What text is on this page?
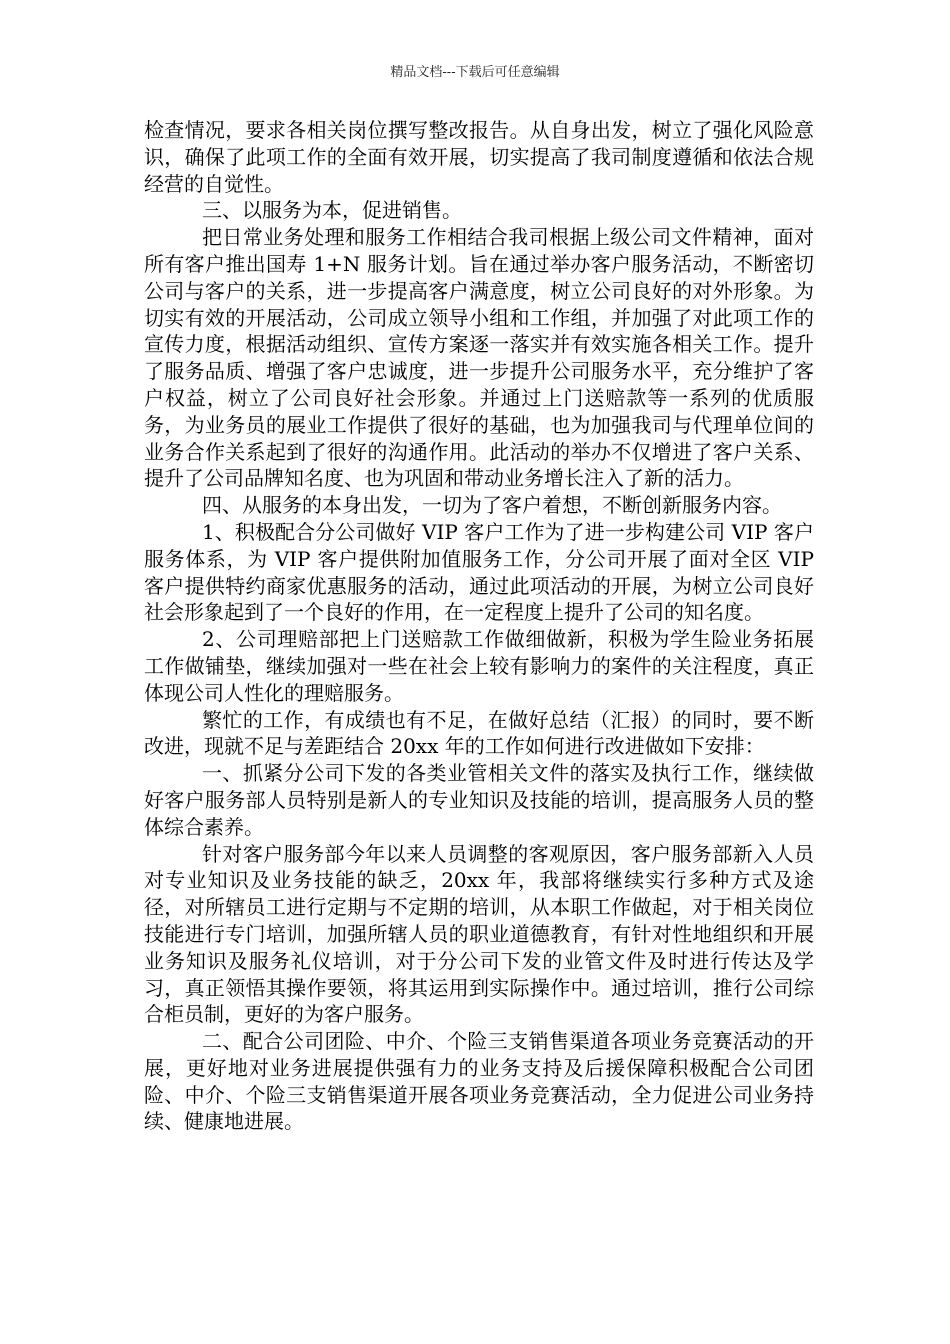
精品文档---下载后可任意编辑

检查情况，要求各相关岗位撰写整改报告。从自身出发，树立了强化风险意识，确保了此项工作的全面有效开展，切实提高了我司制度遵循和依法合规经营的自觉性。

三、以服务为本，促进销售。

把日常业务处理和服务工作相结合我司根据上级公司文件精神，面对所有客户推出国寿 1+N 服务计划。旨在通过举办客户服务活动，不断密切公司与客户的关系，进一步提高客户满意度，树立公司良好的对外形象。为切实有效的开展活动，公司成立领导小组和工作组，并加强了对此项工作的宣传力度，根据活动组织、宣传方案逐一落实并有效实施各相关工作。提升了服务品质、增强了客户忠诚度，进一步提升公司服务水平，充分维护了客户权益，树立了公司良好社会形象。并通过上门送赔款等一系列的优质服务，为业务员的展业工作提供了很好的基础，也为加强我司与代理单位间的业务合作关系起到了很好的沟通作用。此活动的举办不仅增进了客户关系、提升了公司品牌知名度、也为巩固和带动业务增长注入了新的活力。

四、从服务的本身出发，一切为了客户着想，不断创新服务内容。

1、积极配合分公司做好 VIP 客户工作为了进一步构建公司 VIP 客户服务体系，为 VIP 客户提供附加值服务工作，分公司开展了面对全区 VIP 客户提供特约商家优惠服务的活动，通过此项活动的开展，为树立公司良好社会形象起到了一个良好的作用，在一定程度上提升了公司的知名度。

2、公司理赔部把上门送赔款工作做细做新，积极为学生险业务拓展工作做铺垫，继续加强对一些在社会上较有影响力的案件的关注程度，真正体现公司人性化的理赔服务。

繁忙的工作，有成绩也有不足，在做好总结（汇报）的同时，要不断改进，现就不足与差距结合 20xx 年的工作如何进行改进做如下安排：

一、抓紧分公司下发的各类业管相关文件的落实及执行工作，继续做好客户服务部人员特别是新人的专业知识及技能的培训，提高服务人员的整体综合素养。

针对客户服务部今年以来人员调整的客观原因，客户服务部新入人员对专业知识及业务技能的缺乏，20xx 年，我部将继续实行多种方式及途径，对所辖员工进行定期与不定期的培训，从本职工作做起，对于相关岗位技能进行专门培训，加强所辖人员的职业道德教育，有针对性地组织和开展业务知识及服务礼仪培训，对于分公司下发的业管文件及时进行传达及学习，真正领悟其操作要领，将其运用到实际操作中。通过培训，推行公司综合柜员制，更好的为客户服务。

二、配合公司团险、中介、个险三支销售渠道各项业务竞赛活动的开展，更好地对业务进展提供强有力的业务支持及后援保障积极配合公司团险、中介、个险三支销售渠道开展各项业务竞赛活动，全力促进公司业务持续、健康地进展。
